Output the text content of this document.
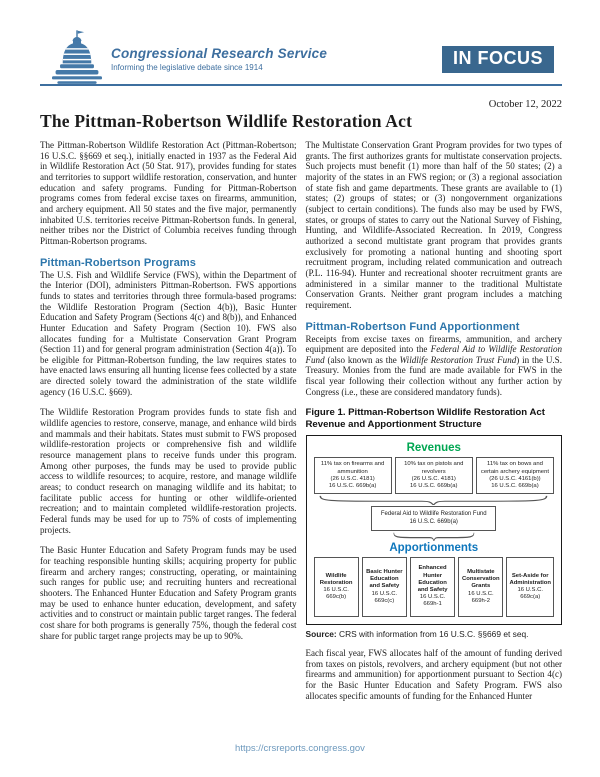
Congressional Research Service
Informing the legislative debate since 1914	IN FOCUS
October 12, 2022
The Pittman-Robertson Wildlife Restoration Act

The Pittman-Robertson Wildlife Restoration Act (Pittman-Robertson; 16 U.S.C. §§669 et seq.), initially enacted in 1937 as the Federal Aid in Wildlife Restoration Act (50 Stat. 917), provides funding for states and territories to support wildlife restoration, conservation, and hunter education and safety programs. Funding for Pittman-Robertson programs comes from federal excise taxes on firearms, ammunition, and archery equipment. All 50 states and the five major, permanently inhabited U.S. territories receive Pittman-Robertson funds. In general, neither tribes nor the District of Columbia receives funding through Pittman-Robertson programs.

Pittman-Robertson Programs

The U.S. Fish and Wildlife Service (FWS), within the Department of the Interior (DOI), administers Pittman-Robertson. FWS apportions funds to states and territories through three formula-based programs: the Wildlife Restoration Program (Section 4(b)), Basic Hunter Education and Safety Program (Sections 4(c) and 8(b)), and Enhanced Hunter Education and Safety Program (Section 10). FWS also allocates funding for a Multistate Conservation Grant Program (Section 11) and for general program administration (Section 4(a)). To be eligible for Pittman-Robertson funding, the law requires states to have enacted laws ensuring all hunting license fees collected by a state are directed solely toward the administration of the state wildlife agency (16 U.S.C. §669).

The Wildlife Restoration Program provides funds to state fish and wildlife agencies to restore, conserve, manage, and enhance wild birds and mammals and their habitats. States must submit to FWS proposed wildlife-restoration projects or comprehensive fish and wildlife resource management plans to receive funds under this program. Among other purposes, the funds may be used to provide public access to wildlife resources; to acquire, restore, and manage wildlife areas; to conduct research on managing wildlife and its habitat; to facilitate public access for hunting or other wildlife-oriented recreation; and to maintain completed wildlife-restoration projects. Federal funds may be used for up to 75% of costs of implementing projects.

The Basic Hunter Education and Safety Program funds may be used for teaching responsible hunting skills; acquiring property for public firearm and archery ranges; constructing, operating, or maintaining such ranges for public use; and recruiting hunters and recreational shooters. The Enhanced Hunter Education and Safety Program grants may be used to enhance hunter education, development, and safety activities and to construct or maintain public target ranges. The federal cost share for both programs is generally 75%, though the federal cost share for public target range projects may be up to 90%.

The Multistate Conservation Grant Program provides for two types of grants. The first authorizes grants for multistate conservation projects. Such projects must benefit (1) more than half of the 50 states; (2) a majority of the states in an FWS region; or (3) a regional association of state fish and game departments. These grants are available to (1) states; (2) groups of states; or (3) nongovernment organizations (subject to certain conditions). The funds also may be used by FWS, states, or groups of states to carry out the National Survey of Fishing, Hunting, and Wildlife-Associated Recreation. In 2019, Congress authorized a second multistate grant program that provides grants exclusively for promoting a national hunting and shooting sport recruitment program, including related communication and outreach (P.L. 116-94). Hunter and recreational shooter recruitment grants are administered in a similar manner to the traditional Multistate Conservation Grants. Neither grant program includes a matching requirement.

Pittman-Robertson Fund Apportionment

Receipts from excise taxes on firearms, ammunition, and archery equipment are deposited into the Federal Aid to Wildlife Restoration Fund (also known as the Wildlife Restoration Trust Fund) in the U.S. Treasury. Monies from the fund are made available for FWS in the fiscal year following their collection without any further action by Congress (i.e., these are considered mandatory funds).

Figure 1. Pittman-Robertson Wildlife Restoration Act Revenue and Apportionment Structure
Revenues
11% tax on firearms and ammunition
(26 U.S.C. 4181)
16 U.S.C. 669b(a)
10% tax on pistols and revolvers
(26 U.S.C. 4181)
16 U.S.C. 669b(a)
11% tax on bows and certain archery equipment
(26 U.S.C. 4161(b))
16 U.S.C. 669b(a)
Federal Aid to Wildlife Restoration Fund
16 U.S.C. 669b(a)
Apportionments
Wildlife Restoration
16 U.S.C. 669c(b)
Basic Hunter Education and Safety
16 U.S.C. 669c(c)
Enhanced Hunter Education and Safety
16 U.S.C. 669h-1
Multistate Conservation Grants
16 U.S.C. 669h-2
Set-Aside for Administration
16 U.S.C. 669c(a)
Source: CRS with information from 16 U.S.C. §§669 et seq.

Each fiscal year, FWS allocates half of the amount of funding derived from taxes on pistols, revolvers, and archery equipment (but not other firearms and ammunition) for apportionment pursuant to Section 4(c) for the Basic Hunter Education and Safety Program. FWS also allocates specific amounts of funding for the Enhanced Hunter

https://crsreports.congress.gov
